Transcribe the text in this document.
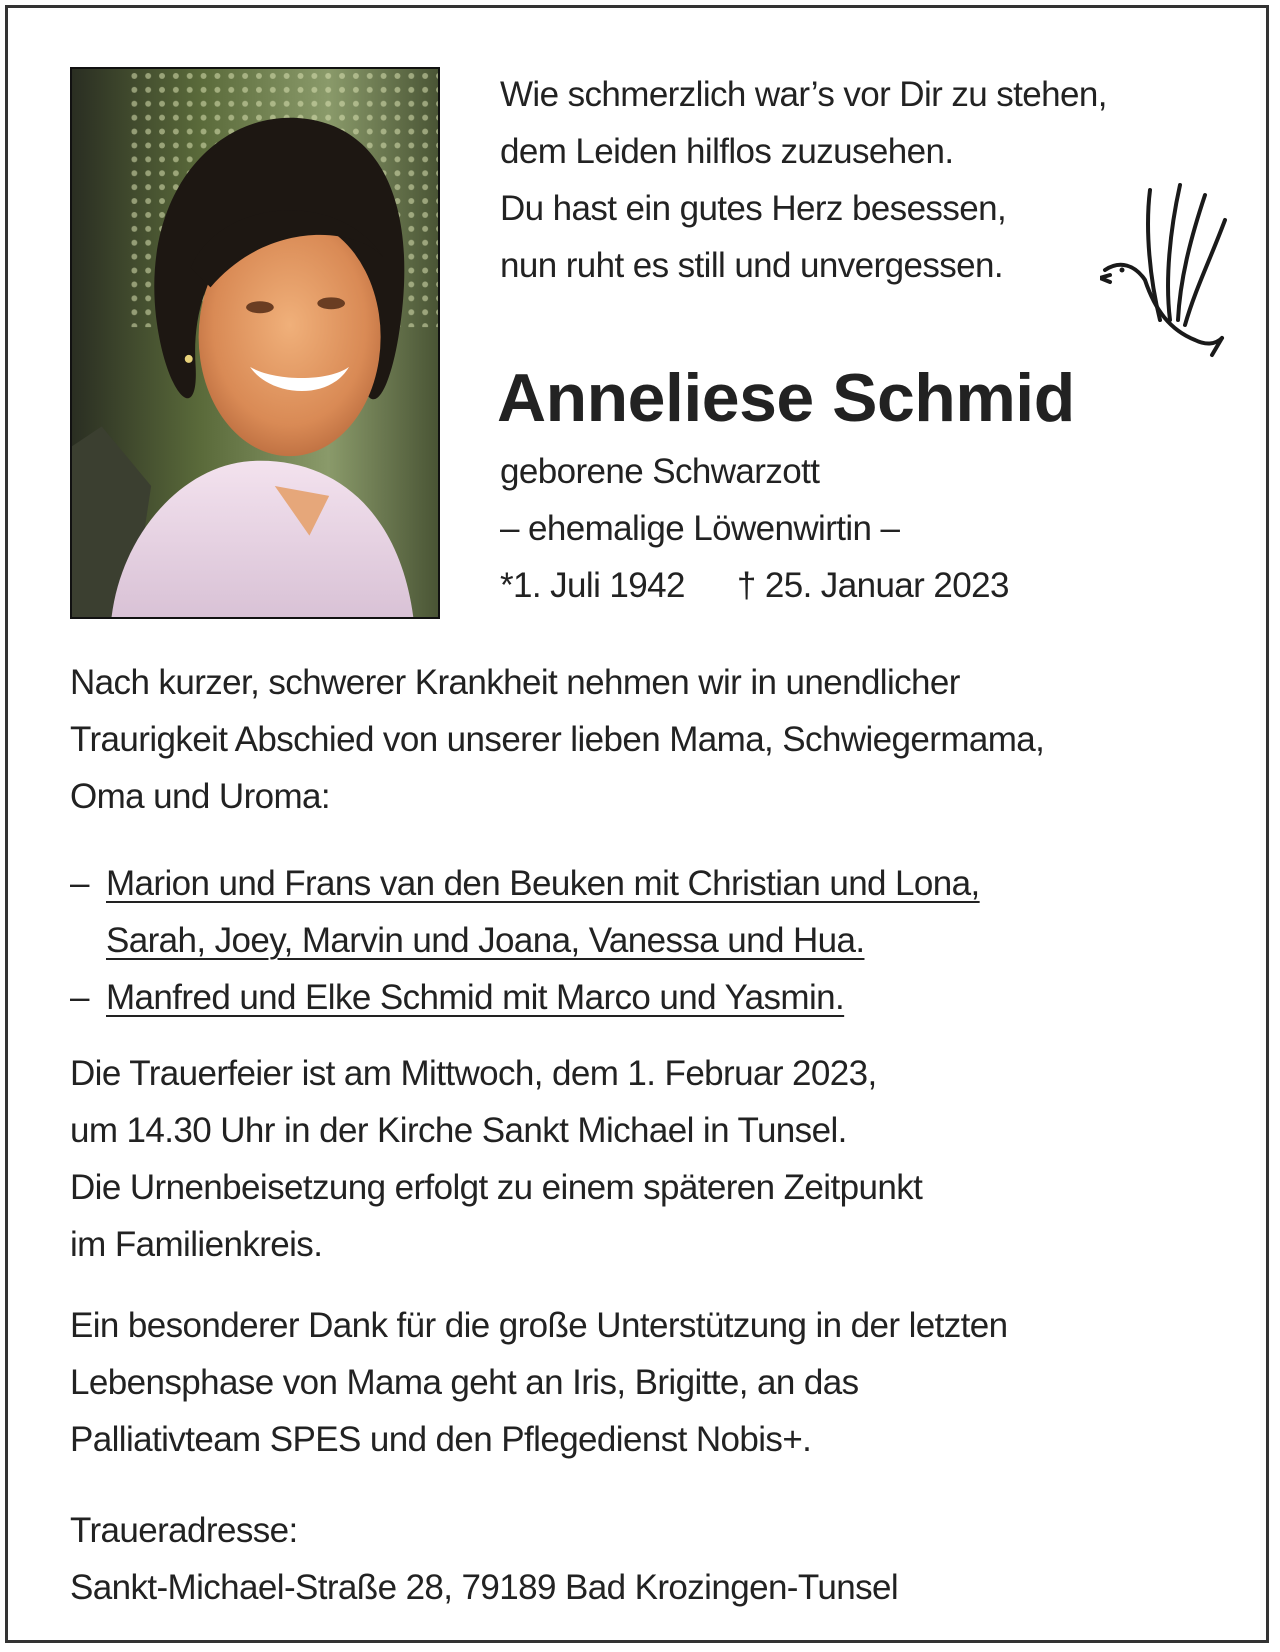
Wie schmerzlich war’s vor Dir zu stehen,
dem Leiden hilflos zuzusehen.
Du hast ein gutes Herz besessen,
nun ruht es still und unvergessen.
Anneliese Schmid
geborene Schwarzott
– ehemalige Löwenwirtin –
*1. Juli 1942 † 25. Januar 2023
Nach kurzer, schwerer Krankheit nehmen wir in unendlicher
Traurigkeit Abschied von unserer lieben Mama, Schwiegermama,
Oma und Uroma:
– Marion und Frans van den Beuken mit Christian und Lona,
Sarah, Joey, Marvin und Joana, Vanessa und Hua.
– Manfred und Elke Schmid mit Marco und Yasmin.
Die Trauerfeier ist am Mittwoch, dem 1. Februar 2023,
um 14.30 Uhr in der Kirche Sankt Michael in Tunsel.
Die Urnenbeisetzung erfolgt zu einem späteren Zeitpunkt
im Familienkreis.
Ein besonderer Dank für die große Unterstützung in der letzten
Lebensphase von Mama geht an Iris, Brigitte, an das
Palliativteam SPES und den Pflegedienst Nobis+.
Traueradresse:
Sankt-Michael-Straße 28, 79189 Bad Krozingen-Tunsel
